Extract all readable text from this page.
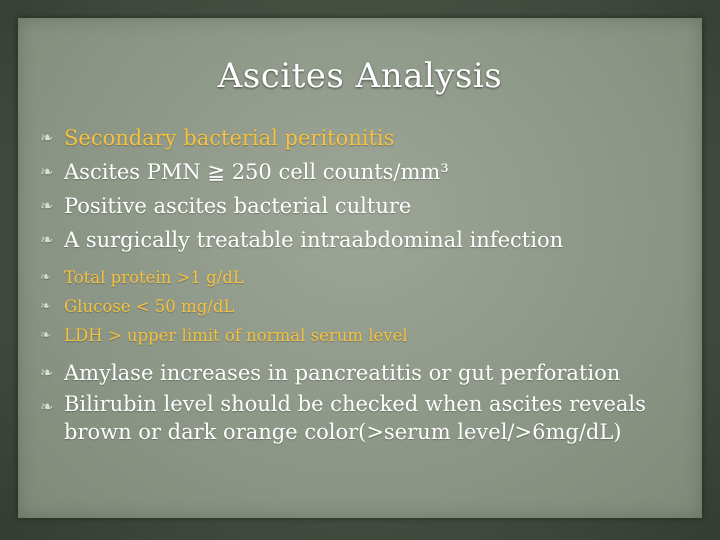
Ascites Analysis
❧ Secondary bacterial peritonitis
❧ Ascites PMN ≧ 250 cell counts/mm³
❧ Positive ascites bacterial culture
❧ A surgically treatable intraabdominal infection
❧ Total protein >1 g/dL
❧ Glucose < 50 mg/dL
❧ LDH > upper limit of normal serum level
❧ Amylase increases in pancreatitis or gut perforation
❧ Bilirubin level should be checked when ascites reveals brown or dark orange color(>serum level/>6mg/dL)
